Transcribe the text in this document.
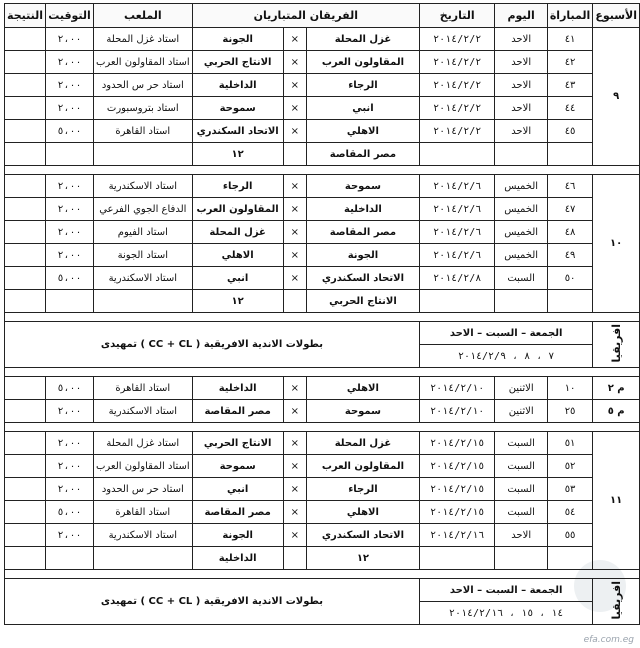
الأسبوع	المباراة	اليوم	التاريخ	الفريقان المتباريان			الملعب	التوقيت	النتيجة
٩	٤١	الاحد	٢٠١٤/٢/٢	غزل المحلة	×	الجونة	استاد غزل المحلة	٢،٠٠	
	٤٢	الاحد	٢٠١٤/٢/٢	المقاولون العرب	×	الانتاج الحربي	استاد المقاولون العرب	٢،٠٠	
	٤٣	الاحد	٢٠١٤/٢/٢	الرجاء	×	الداخلية	استاد حر س الحدود	٢،٠٠	
	٤٤	الاحد	٢٠١٤/٢/٢	انبي	×	سموحة	استاد بتروسبورت	٢،٠٠	
	٤٥	الاحد	٢٠١٤/٢/٢	الاهلي	×	الاتحاد السكندري	استاد القاهرة	٥،٠٠	
				مصر المقاصة		١٢			

١٠	٤٦	الخميس	٢٠١٤/٢/٦	سموحة	×	الرجاء	استاد الاسكندرية	٢،٠٠	
	٤٧	الخميس	٢٠١٤/٢/٦	الداخلية	×	المقاولون العرب	الدفاع الجوي الفرعي	٢،٠٠	
	٤٨	الخميس	٢٠١٤/٢/٦	مصر المقاصة	×	غزل المحلة	استاد الفيوم	٢،٠٠	
	٤٩	الخميس	٢٠١٤/٢/٦	الجونة	×	الاهلي	استاد الجونة	٢،٠٠	
	٥٠	السبت	٢٠١٤/٢/٨	الاتحاد السكندري	×	انبي	استاد الاسكندرية	٥،٠٠	
				الانتاج الحربي		١٢			

افريقيا	الجمعة – السبت – الاحد			بطولات الاندية الافريقية ( CC + CL ) تمهيدى					
	٧ ، ٨ ، ٢٠١٤/٢/٩								

م ٢	١٠	الاثنين	٢٠١٤/٢/١٠	الاهلي	×	الداخلية	استاد القاهرة	٥،٠٠	
م ٥	٢٥	الاثنين	٢٠١٤/٢/١٠	سموحة	×	مصر المقاصة	استاد الاسكندرية	٢،٠٠	

١١	٥١	السبت	٢٠١٤/٢/١٥	غزل المحلة	×	الانتاج الحربي	استاد غزل المحلة	٢،٠٠	
	٥٢	السبت	٢٠١٤/٢/١٥	المقاولون العرب	×	سموحة	استاد المقاولون العرب	٢،٠٠	
	٥٣	السبت	٢٠١٤/٢/١٥	الرجاء	×	انبي	استاد حر س الحدود	٢،٠٠	
	٥٤	السبت	٢٠١٤/٢/١٥	الاهلي	×	مصر المقاصة	استاد القاهرة	٥،٠٠	
	٥٥	الاحد	٢٠١٤/٢/١٦	الاتحاد السكندري	×	الجونة	استاد الاسكندرية	٢،٠٠	
				١٢		الداخلية			

افريقيا	الجمعة – السبت – الاحد			بطولات الاندية الافريقية ( CC + CL ) تمهيدى					
	١٤ ، ١٥ ، ٢٠١٤/٢/١٦								
efa.com.eg
